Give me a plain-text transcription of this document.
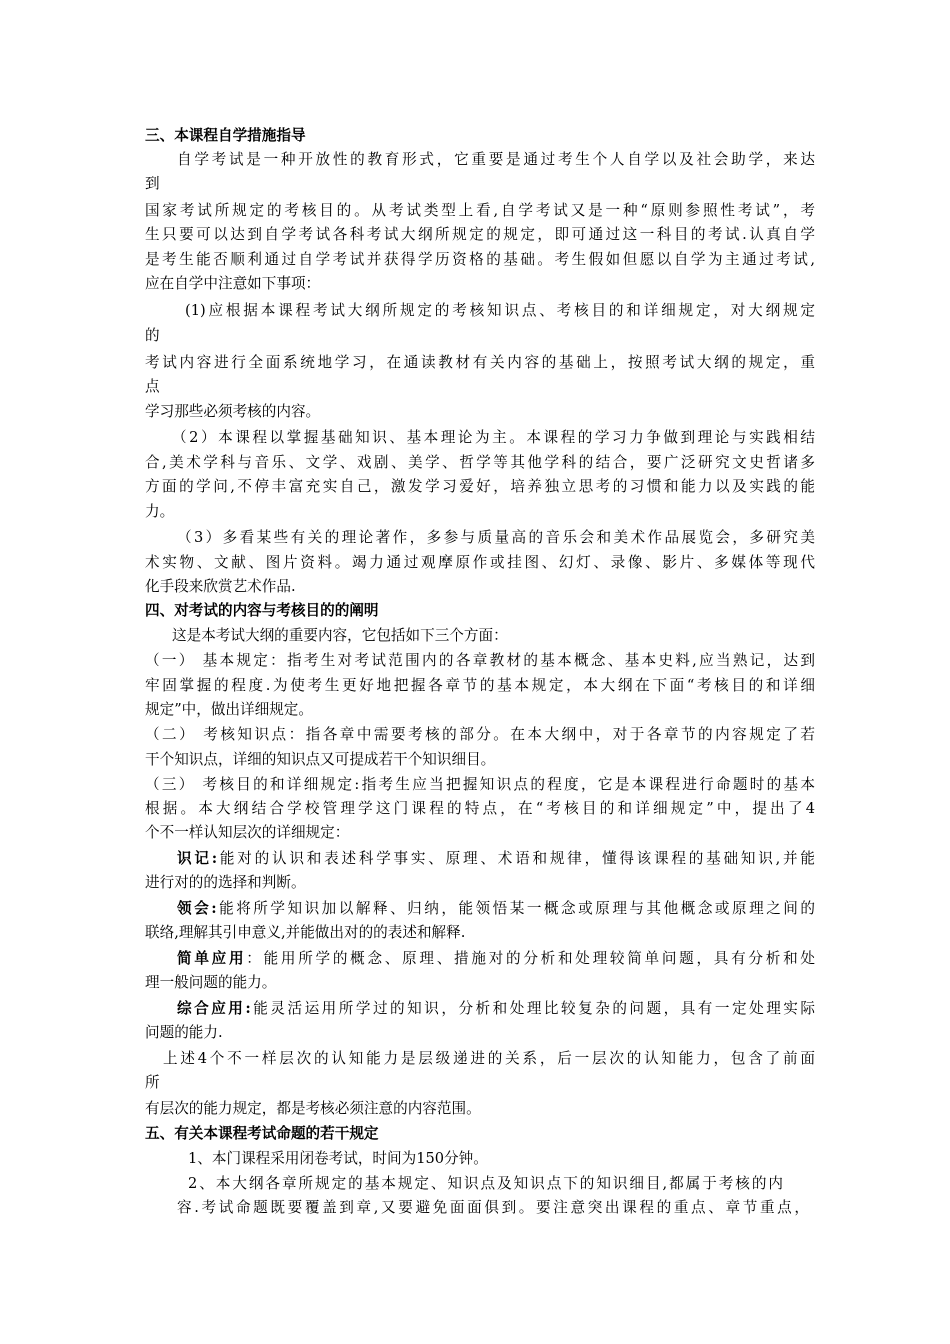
三、本课程自学措施指导
自学考试是一种开放性的教育形式，它重要是通过考生个人自学以及社会助学，来达
到
国家考试所规定的考核目的。从考试类型上看,自学考试又是一种“原则参照性考试”，考
生只要可以达到自学考试各科考试大纲所规定的规定，即可通过这一科目的考试.认真自学
是考生能否顺利通过自学考试并获得学历资格的基础。考生假如但愿以自学为主通过考试,
应在自学中注意如下事项：
(1)应根据本课程考试大纲所规定的考核知识点、考核目的和详细规定，对大纲规定
的
考试内容进行全面系统地学习，在通读教材有关内容的基础上，按照考试大纲的规定，重
点
学习那些必须考核的内容。
（2）本课程以掌握基础知识、基本理论为主。本课程的学习力争做到理论与实践相结
合,美术学科与音乐、文学、戏剧、美学、哲学等其他学科的结合，要广泛研究文史哲诸多
方面的学问,不停丰富充实自己，激发学习爱好，培养独立思考的习惯和能力以及实践的能
力。
（3）多看某些有关的理论著作，多参与质量高的音乐会和美术作品展览会，多研究美
术实物、文献、图片资料。竭力通过观摩原作或挂图、幻灯、录像、影片、多媒体等现代
化手段来欣赏艺术作品.
四、对考试的内容与考核目的的阐明
这是本考试大纲的重要内容，它包括如下三个方面：
（一） 基本规定：指考生对考试范围内的各章教材的基本概念、基本史料,应当熟记，达到
牢固掌握的程度.为使考生更好地把握各章节的基本规定，本大纲在下面“考核目的和详细
规定”中，做出详细规定。
（二） 考核知识点：指各章中需要考核的部分。在本大纲中，对于各章节的内容规定了若
干个知识点，详细的知识点又可提成若干个知识细目。
（三） 考核目的和详细规定:指考生应当把握知识点的程度，它是本课程进行命题时的基本
根据。本大纲结合学校管理学这门课程的特点，在“考核目的和详细规定”中，提出了4
个不一样认知层次的详细规定：
识记:能对的认识和表述科学事实、原理、术语和规律，懂得该课程的基础知识,并能
进行对的的选择和判断。
领会:能将所学知识加以解释、归纳，能领悟某一概念或原理与其他概念或原理之间的
联络,理解其引申意义,并能做出对的的表述和解释.
简单应用：能用所学的概念、原理、措施对的分析和处理较简单问题，具有分析和处
理一般问题的能力。
综合应用:能灵活运用所学过的知识，分析和处理比较复杂的问题，具有一定处理实际
问题的能力.
上述4个不一样层次的认知能力是层级递进的关系，后一层次的认知能力，包含了前面
所
有层次的能力规定，都是考核必须注意的内容范围。
五、有关本课程考试命题的若干规定
1、本门课程采用闭卷考试，时间为150分钟。
2、本大纲各章所规定的基本规定、知识点及知识点下的知识细目,都属于考核的内
容.考试命题既要覆盖到章,又要避免面面俱到。要注意突出课程的重点、章节重点，
